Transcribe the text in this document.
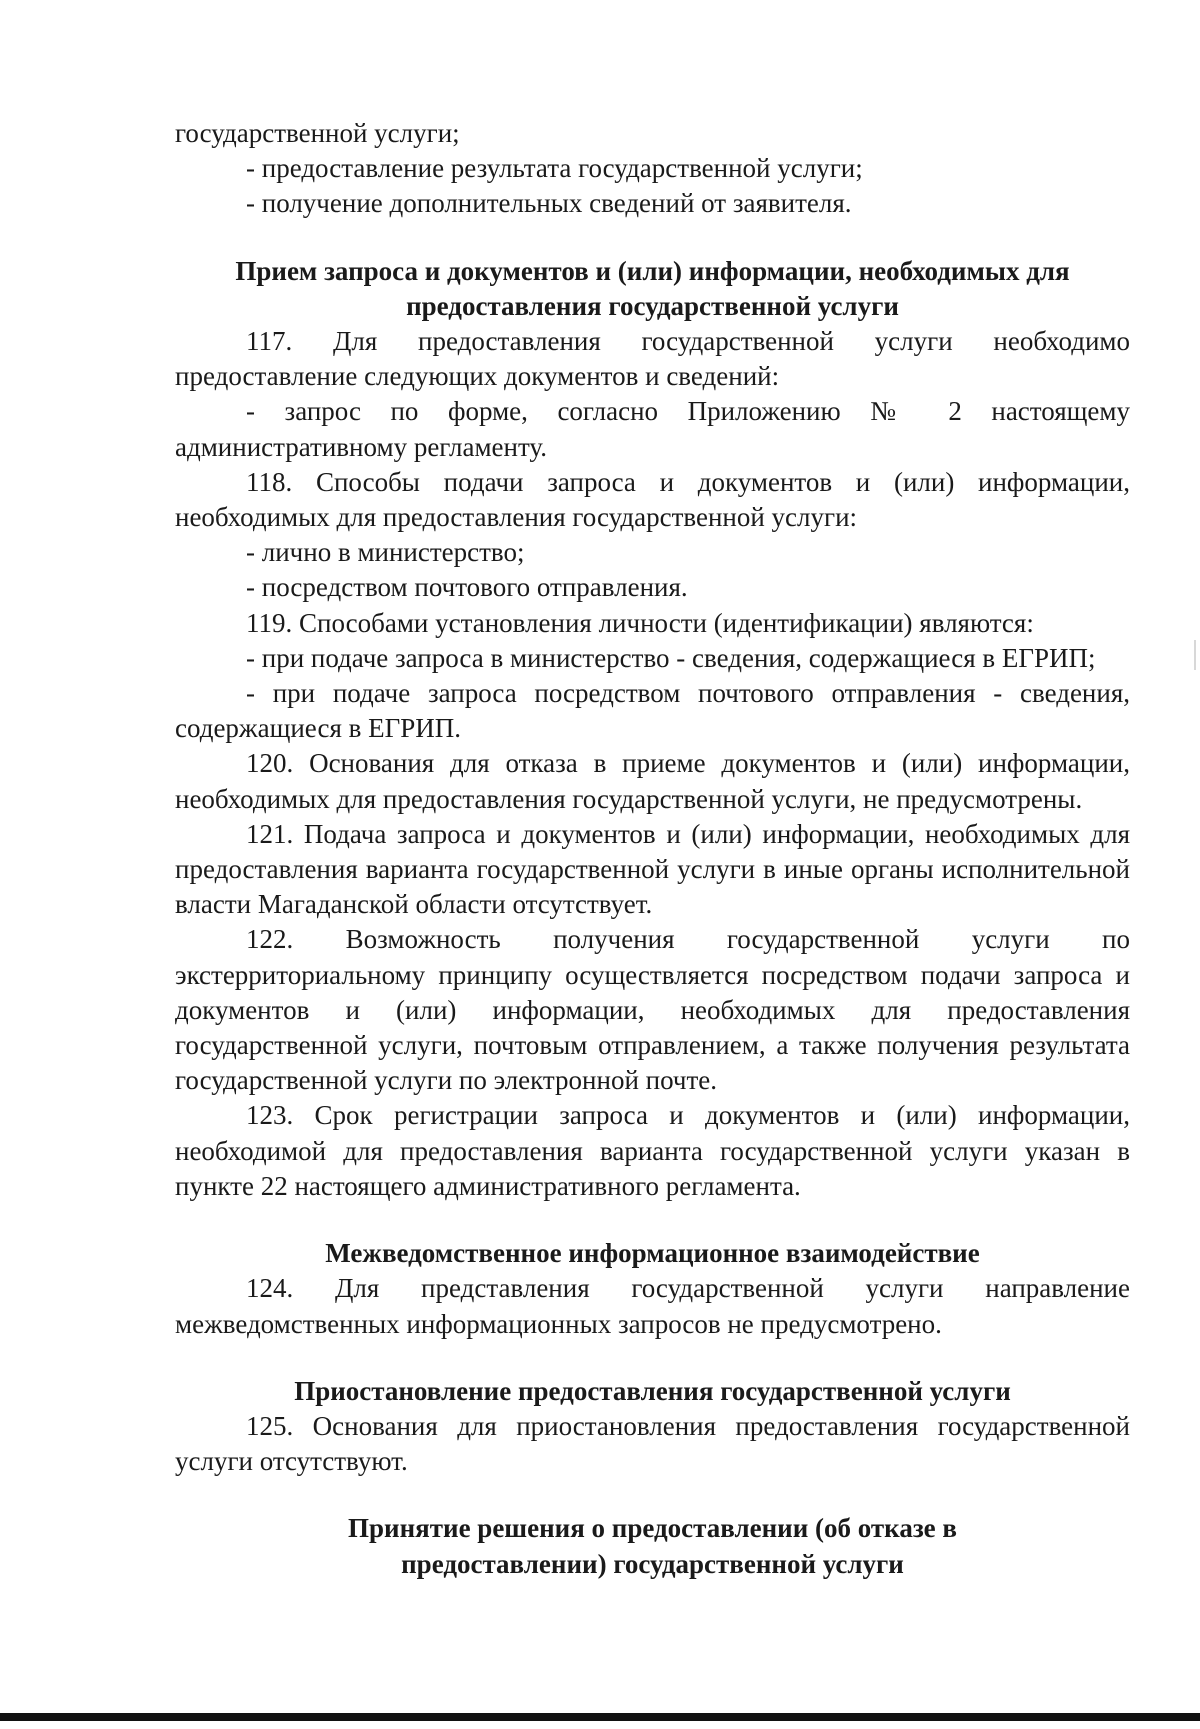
государственной услуги;

- предоставление результата государственной услуги;

- получение дополнительных сведений от заявителя.

Прием запроса и документов и (или) информации, необходимых для предоставления государственной услуги

117. Для предоставления государственной услуги необходимо предоставление следующих документов и сведений:

- запрос по форме, согласно Приложению № 2 настоящему административному регламенту.

118. Способы подачи запроса и документов и (или) информации, необходимых для предоставления государственной услуги:

- лично в министерство;

- посредством почтового отправления.

119. Способами установления личности (идентификации) являются:

- при подаче запроса в министерство - сведения, содержащиеся в ЕГРИП;

- при подаче запроса посредством почтового отправления - сведения, содержащиеся в ЕГРИП.

120. Основания для отказа в приеме документов и (или) информации, необходимых для предоставления государственной услуги, не предусмотрены.

121. Подача запроса и документов и (или) информации, необходимых для предоставления варианта государственной услуги в иные органы исполнительной власти Магаданской области отсутствует.

122. Возможность получения государственной услуги по экстерриториальному принципу осуществляется посредством подачи запроса и документов и (или) информации, необходимых для предоставления государственной услуги, почтовым отправлением, а также получения результата государственной услуги по электронной почте.

123. Срок регистрации запроса и документов и (или) информации, необходимой для предоставления варианта государственной услуги указан в пункте 22 настоящего административного регламента.

Межведомственное информационное взаимодействие

124. Для представления государственной услуги направление межведомственных информационных запросов не предусмотрено.

Приостановление предоставления государственной услуги

125. Основания для приостановления предоставления государственной услуги отсутствуют.

Принятие решения о предоставлении (об отказе в предоставлении) государственной услуги
